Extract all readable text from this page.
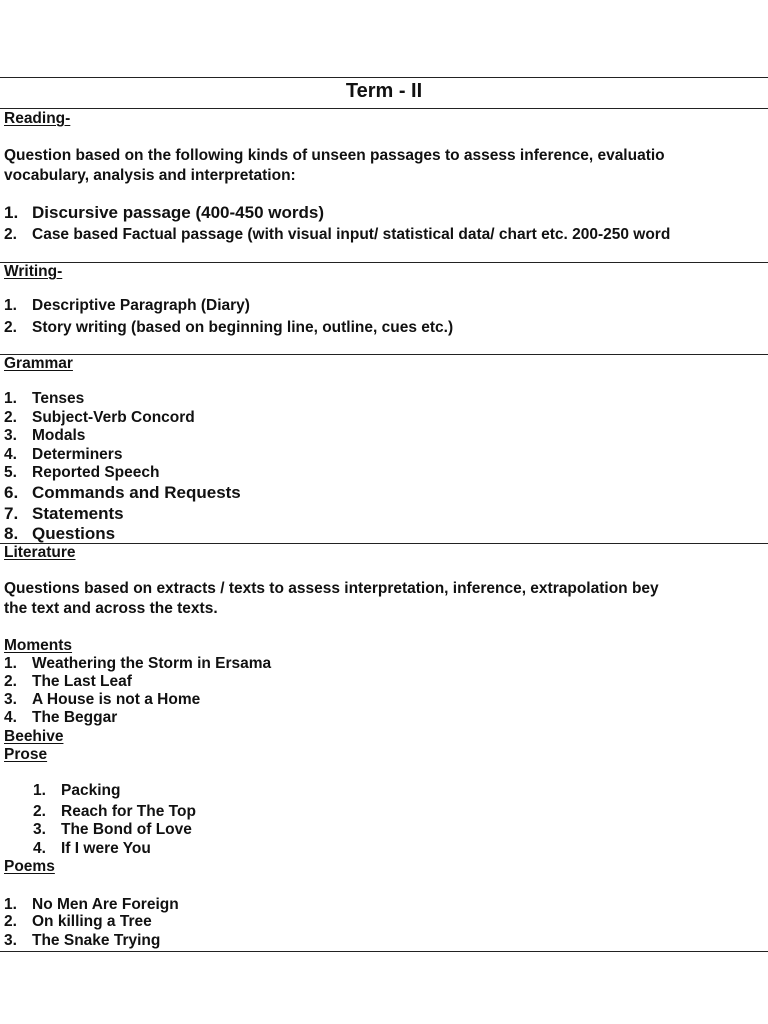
Term - II
Reading-
Question based on the following kinds of unseen passages to assess inference, evaluatio
vocabulary, analysis and interpretation:
1. Discursive passage (400-450 words)
2. Case based Factual passage (with visual input/ statistical data/ chart etc. 200-250 word
Writing-
1. Descriptive Paragraph (Diary)
2. Story writing (based on beginning line, outline, cues etc.)
Grammar
1. Tenses
2. Subject-Verb Concord
3. Modals
4. Determiners
5. Reported Speech
6. Commands and Requests
7. Statements
8. Questions
Literature
Questions based on extracts / texts to assess interpretation, inference, extrapolation bey
the text and across the texts.
Moments
1. Weathering the Storm in Ersama
2. The Last Leaf
3. A House is not a Home
4. The Beggar
Beehive
Prose
1. Packing
2. Reach for The Top
3. The Bond of Love
4. If I were You
Poems
1. No Men Are Foreign
2. On killing a Tree
3. The Snake Trying
